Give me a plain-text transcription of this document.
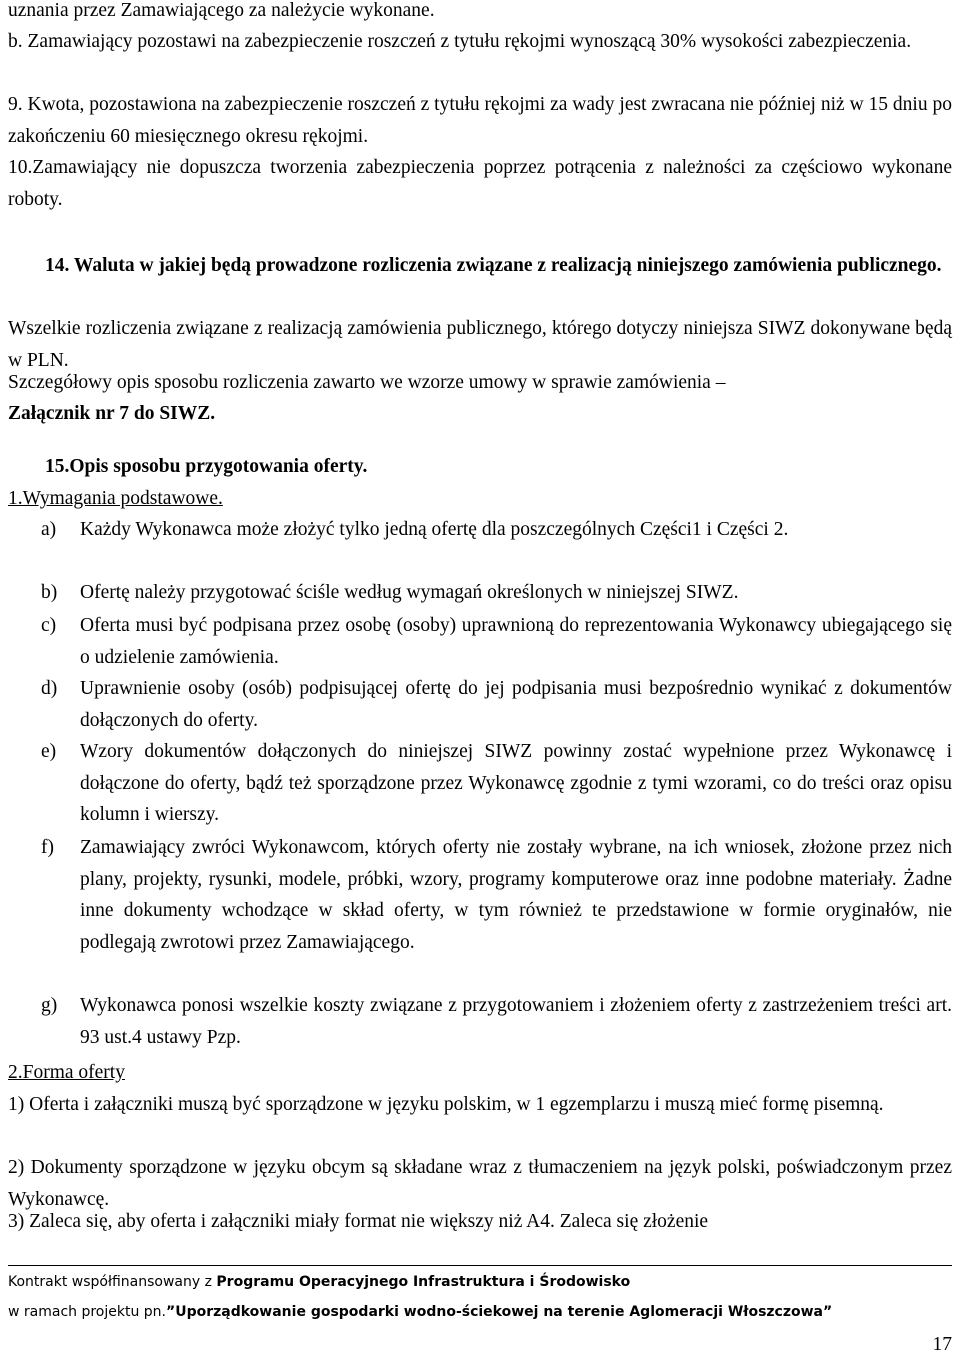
uznania przez Zamawiającego za należycie wykonane.
b. Zamawiający pozostawi na zabezpieczenie roszczeń z tytułu rękojmi wynoszącą 30% wysokości zabezpieczenia.
9. Kwota, pozostawiona na zabezpieczenie roszczeń z tytułu rękojmi za wady jest zwracana nie później niż w 15 dniu po zakończeniu 60 miesięcznego okresu rękojmi.
10.Zamawiający nie dopuszcza tworzenia zabezpieczenia poprzez potrącenia z należności za częściowo wykonane roboty.
14. Waluta w jakiej będą prowadzone rozliczenia związane z realizacją niniejszego zamówienia publicznego.
Wszelkie rozliczenia związane z realizacją zamówienia publicznego, którego dotyczy niniejsza SIWZ dokonywane będą w PLN.
Szczegółowy opis sposobu rozliczenia zawarto we wzorze umowy w sprawie zamówienia –
Załącznik nr 7 do SIWZ.
15.Opis sposobu przygotowania oferty.
1.Wymagania podstawowe.
a)	Każdy Wykonawca może złożyć tylko jedną ofertę dla poszczególnych Części1 i Części 2.
b)	Ofertę należy przygotować ściśle według wymagań określonych w niniejszej SIWZ.
c)	Oferta musi być podpisana przez osobę (osoby) uprawnioną do reprezentowania Wykonawcy ubiegającego się o udzielenie zamówienia.
d)	Uprawnienie osoby (osób) podpisującej ofertę do jej podpisania musi bezpośrednio wynikać z dokumentów dołączonych do oferty.
e)	Wzory dokumentów dołączonych do niniejszej SIWZ powinny zostać wypełnione przez Wykonawcę i dołączone do oferty, bądź też sporządzone przez Wykonawcę zgodnie z tymi wzorami, co do treści oraz opisu kolumn i wierszy.
f)	Zamawiający zwróci Wykonawcom, których oferty nie zostały wybrane, na ich wniosek, złożone przez nich plany, projekty, rysunki, modele, próbki, wzory, programy komputerowe oraz inne podobne materiały. Żadne inne dokumenty wchodzące w skład oferty, w tym również te przedstawione w formie oryginałów, nie podlegają zwrotowi przez Zamawiającego.
g)	Wykonawca ponosi wszelkie koszty związane z przygotowaniem i złożeniem oferty z zastrzeżeniem treści art. 93 ust.4 ustawy Pzp.
2.Forma oferty
1) Oferta i załączniki muszą być sporządzone w języku polskim, w 1 egzemplarzu i muszą mieć formę pisemną.
2) Dokumenty sporządzone w języku obcym są składane wraz z tłumaczeniem na język polski, poświadczonym przez Wykonawcę.
3) Zaleca się, aby oferta i załączniki miały format nie większy niż A4. Zaleca się złożenie
Kontrakt współfinansowany z Programu Operacyjnego Infrastruktura i Środowisko
w ramach projektu pn.”Uporządkowanie gospodarki wodno-ściekowej na terenie Aglomeracji Włoszczowa”
17
